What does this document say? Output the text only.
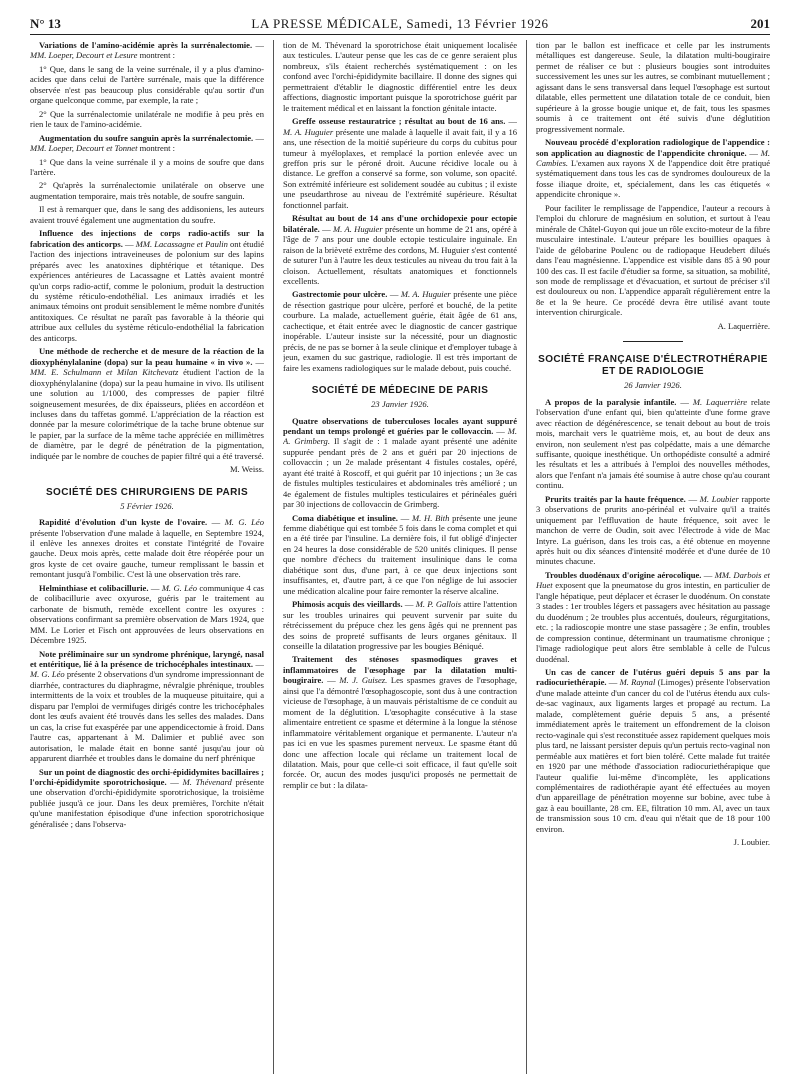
N° 13	LA PRESSE MÉDICALE, Samedi, 13 Février 1926	201

Variations de l'amino-acidémie après la surrénalectomie. — MM. Loeper, Decourt et Lesure montrent :

1° Que, dans le sang de la veine surrénale, il y a plus d'amino-acides que dans celui de l'artère surrénale, mais que la différence observée n'est pas beaucoup plus considérable qu'au sortir d'un organe quelconque comme, par exemple, la rate ;

2° Que la surrénalectomie unilatérale ne modifie à peu près en rien le taux de l'amino-acidémie.

Augmentation du soufre sanguin après la surrénalectomie. — MM. Loeper, Decourt et Tonnet montrent :

1° Que dans la veine surrénale il y a moins de soufre que dans l'artère.

2° Qu'après la surrénalectomie unilatérale on observe une augmentation temporaire, mais très notable, de soufre sanguin.

Il est à remarquer que, dans le sang des addisoniens, les auteurs avaient trouvé également une augmentation du soufre.

Influence des injections de corps radio-actifs sur la fabrication des anticorps. — MM. Lacassagne et Paulin ont étudié l'action des injections intraveineuses de polonium sur des lapins préparés avec les anatoxines diphtérique et tétanique. Des expériences antérieures de Lacassagne et Lattès avaient montré qu'un corps radio-actif, comme le polonium, produit la destruction du système réticulo-endothélial. Les animaux irradiés et les animaux témoins ont produit sensiblement le même nombre d'unités antitoxiques. Ce résultat ne paraît pas favorable à la théorie qui attribue aux cellules du système réticulo-endothélial la fabrication des anticorps.

Une méthode de recherche et de mesure de la réaction de la dioxyphénylalanine (dopa) sur la peau humaine « in vivo ». — MM. E. Schulmann et Milan Kitchevatz étudient l'action de la dioxyphénylalanine (dopa) sur la peau humaine in vivo. Ils utilisent une solution au 1/1000, des compresses de papier filtré soigneusement mesurées, de dix épaisseurs, pliées en accordéon et incluses dans du taffetas gommé. L'appréciation de la réaction est donnée par la mesure colorimétrique de la tache brune obtenue sur le papier, par la surface de la même tache appréciée en millimètres de diamètre, par le degré de pénétration de la pigmentation, indiquée par le nombre de couches de papier filtré qui a été traversé.

M. Weiss.

SOCIÉTÉ DES CHIRURGIENS DE PARIS

5 Février 1926.

Rapidité d'évolution d'un kyste de l'ovaire. — M. G. Léo présente l'observation d'une malade à laquelle, en Septembre 1924, il enlève les annexes droites et constate l'intégrité de l'ovaire gauche. Deux mois après, cette malade doit être réopérée pour un gros kyste de cet ovaire gauche, tumeur remplissant le bassin et remontant jusqu'à l'ombilic. C'est là une observation très rare.

Helminthiase et colibacillurie. — M. G. Léo communique 4 cas de colibacillurie avec oxyurose, guéris par le traitement au carbonate de bismuth, remède excellent contre les oxyures : observations confirmant sa première observation de Mars 1924, que MM. Le Lorier et Fisch ont approuvées de leurs observations en Décembre 1925.

Note préliminaire sur un syndrome phrénique, laryngé, nasal et entéritique, lié à la présence de trichocéphales intestinaux. — M. G. Léo présente 2 observations d'un syndrome impressionnant de diarrhée, contractures du diaphragme, névralgie phrénique, troubles intermittents de la voix et troubles de la muqueuse pituitaire, qui a disparu par l'emploi de vermifuges dirigés contre les trichocéphales dont les œufs avaient été trouvés dans les selles des malades. Dans un cas, la crise fut exaspérée par une appendicectomie à froid. Dans l'autre cas, appartenant à M. Dalimier et publié avec son autorisation, le malade était en bonne santé jusqu'au jour où apparurent diarrhée et troubles dans le domaine du nerf phrénique

Sur un point de diagnostic des orchi-épididymites bacillaires ; l'orchi-épididymite sporotrichosique. — M. Thévenard présente une observation d'orchi-épididymite sporotrichosique, la troisième publiée jusqu'à ce jour. Dans les deux premières, l'orchite n'était qu'une manifestation épisodique d'une infection sporotrichosique généralisée ; dans l'observa-

tion de M. Thévenard la sporotrichose était uniquement localisée aux testicules. L'auteur pense que les cas de ce genre seraient plus nombreux, s'ils étaient recherchés systématiquement : on les confond avec l'orchi-épididymite bacillaire. Il donne des signes qui permettraient d'établir le diagnostic différentiel entre les deux affections, diagnostic important puisque la sporotrichose guérit par le traitement médical et en laissant la fonction génitale intacte.

Greffe osseuse restauratrice ; résultat au bout de 16 ans. — M. A. Huguier présente une malade à laquelle il avait fait, il y a 16 ans, une résection de la moitié supérieure du corps du cubitus pour tumeur à myéloplaxes, et remplacé la portion enlevée avec un greffon pris sur le péroné droit. Aucune récidive locale ou à distance. Le greffon a conservé sa forme, son volume, son opacité. Son extrémité inférieure est solidement soudée au cubitus ; il existe une pseudarthrose au niveau de l'extrémité supérieure. Résultat fonctionnel parfait.

Résultat au bout de 14 ans d'une orchidopexie pour ectopie bilatérale. — M. A. Huguier présente un homme de 21 ans, opéré à l'âge de 7 ans pour une double ectopie testiculaire inguinale. En raison de la brièveté extrême des cordons, M. Huguier s'est contenté de suturer l'un à l'autre les deux testicules au niveau du trou fait à la cloison. Actuellement, résultats anatomiques et fonctionnels excellents.

Gastrectomie pour ulcère. — M. A. Huguier présente une pièce de résection gastrique pour ulcère, perforé et bouché, de la petite courbure. La malade, actuellement guérie, était âgée de 61 ans, cachectique, et était entrée avec le diagnostic de cancer gastrique inopérable. L'auteur insiste sur la nécessité, pour un diagnostic précis, de ne pas se borner à la seule clinique et d'employer tubage à jeun, examen du suc gastrique, radiologie. Il est très important de faire les examens radiologiques sur le malade debout, puis couché.

SOCIÉTÉ DE MÉDECINE DE PARIS

23 Janvier 1926.

Quatre observations de tuberculoses locales ayant suppuré pendant un temps prolongé et guéries par le collovaccin. — M. A. Grimberg. Il s'agit de : 1 malade ayant présenté une adénite suppurée pendant près de 2 ans et guéri par 20 injections de collovaccin ; un 2e malade présentant 4 fistules costales, opéré, ayant été traité à Roscoff, et qui guérit par 10 injections ; un 3e cas de fistules multiples testiculaires et abdominales très amélioré ; un 4e également de fistules multiples testiculaires et périnéales guéri par 30 injections de collovaccin de Grimberg.

Coma diabétique et insuline. — M. H. Bith présente une jeune femme diabétique qui est tombée 5 fois dans le coma complet et qui en a été tirée par l'insuline. La dernière fois, il fut obligé d'injecter en 24 heures la dose considérable de 520 unités cliniques. Il pense que nombre d'échecs du traitement insulinique dans le coma diabétique sont dus, d'une part, à ce que deux injections sont insuffisantes, et, d'autre part, à ce que l'on néglige de lui associer une médication alcaline pour faire remonter la réserve alcaline.

Phimosis acquis des vieillards. — M. P. Gallois attire l'attention sur les troubles urinaires qui peuvent survenir par suite du rétrécissement du prépuce chez les gens âgés qui ne prennent pas des soins de propreté suffisants de leurs organes génitaux. Il conseille la dilatation progressive par les bougies Béniqué.

Traitement des sténoses spasmodiques graves et inflammatoires de l'œsophage par la dilatation multi-bougiraire. — M. J. Guisez. Les spasmes graves de l'œsophage, ainsi que l'a démontré l'œsophagoscopie, sont dus à une contraction vicieuse de l'œsophage, à un mauvais péristaltisme de ce conduit au moment de la déglutition. L'œsophagite consécutive à la stase alimentaire entretient ce spasme et détermine à la longue la sténose inflammatoire véritablement organique et permanente. L'auteur n'a pas ici en vue les spasmes purement nerveux. Le spasme étant dû donc une affection locale qui réclame un traitement local de dilatation. Mais, pour que celle-ci soit efficace, il faut qu'elle soit forcée. Or, aucun des modes jusqu'ici proposés ne permettait de remplir ce but : la dilata-

tion par le ballon est inefficace et celle par les instruments métalliques est dangereuse. Seule, la dilatation multi-bougiraire permet de réaliser ce but : plusieurs bougies sont introduites successivement les unes sur les autres, se combinant mutuellement ; agissant dans le sens transversal dans lequel l'œsophage est surtout dilatable, elles permettent une dilatation totale de ce conduit, bien supérieure à la grosse bougie unique et, de fait, tous les spasmes soumis à ce traitement ont été suivis d'une déglutition progressivement normale.

Nouveau procédé d'exploration radiologique de l'appendice : son application au diagnostic de l'appendicite chronique. — M. Cambies. L'examen aux rayons X de l'appendice doit être pratiqué systématiquement dans tous les cas de syndromes douloureux de la fosse iliaque droite, et, spécialement, dans les cas étiquetés « appendicite chronique ».

Pour faciliter le remplissage de l'appendice, l'auteur a recours à l'emploi du chlorure de magnésium en solution, et surtout à l'eau minérale de Châtel-Guyon qui joue un rôle excito-moteur de la fibre musculaire intestinale. L'auteur prépare les bouillies opaques à l'aide de gélobarine Poulenc ou de radiopaque Heudebert dilués dans l'eau magnésienne. L'appendice est visible dans 85 à 90 pour 100 des cas. Il est facile d'étudier sa forme, sa situation, sa mobilité, son mode de remplissage et d'évacuation, et surtout de préciser s'il est douloureux ou non. L'appendice apparaît régulièrement entre la 8e et la 9e heure. Ce procédé devra être utilisé avant toute intervention chirurgicale.

A. Laquerrière.

SOCIÉTÉ FRANÇAISE D'ÉLECTROTHÉRAPIE ET DE RADIOLOGIE

26 Janvier 1926.

A propos de la paralysie infantile. — M. Laquerrière relate l'observation d'une enfant qui, bien qu'atteinte d'une forme grave avec réaction de dégénérescence, se tenait debout au bout de trois mois, marchait vers le quatrième mois, et, au bout de deux ans environ, non seulement n'est pas colpédatte, mais a une démarche suffisante, quoique inesthétique. Un orthopédiste consulté a admiré les résultats et les a attribués à l'emploi des nouvelles méthodes, alors que l'enfant n'a jamais été soumise à autre chose qu'au courant continu.

Prurits traités par la haute fréquence. — M. Loubier rapporte 3 observations de prurits ano-périnéal et vulvaire qu'il a traités uniquement par l'effluvation de haute fréquence, soit avec le manchon de verre de Oudin, soit avec l'électrode à vide de Mac Intyre. La guérison, dans les trois cas, a été obtenue en moyenne après huit ou dix séances d'intensité modérée et d'une durée de 10 minutes chacune.

Troubles duodénaux d'origine aérocolique. — MM. Darbois et Huet exposent que la pneumatose du gros intestin, en particulier de l'angle hépatique, peut déplacer et écraser le duodénum. On constate 3 stades : 1er troubles légers et passagers avec hésitation au passage du duodénum ; 2e troubles plus accentués, douleurs, régurgitations, etc. ; la radioscopie montre une stase passagère ; 3e enfin, troubles de compression continue, déterminant un traumatisme chronique ; l'image radiologique peut alors être semblable à celle de l'ulcus duodénal.

Un cas de cancer de l'utérus guéri depuis 5 ans par la radiocuriethérapie. — M. Raynal (Limoges) présente l'observation d'une malade atteinte d'un cancer du col de l'utérus étendu aux culs-de-sac vaginaux, aux ligaments larges et propagé au rectum. La malade, complètement guérie depuis 5 ans, a présenté immédiatement après le traitement un effondrement de la cloison recto-vaginale qui s'est reconstituée assez rapidement quelques mois plus tard, ne laissant persister depuis qu'un pertuis recto-vaginal non perméable aux matières et fort bien toléré. Cette malade fut traitée en 1920 par une méthode d'association radiocuriethérapique que l'auteur qualifie lui-même d'incomplète, les applications complémentaires de radiothérapie ayant été effectuées au moyen d'un appareillage de pénétration moyenne sur bobine, avec tube à gaz à eau bouillante, 28 cm. EE, filtration 10 mm. Al, avec un taux de transmission sous 10 cm. d'eau qui n'était que de 18 pour 100 environ.

J. Loubier.
